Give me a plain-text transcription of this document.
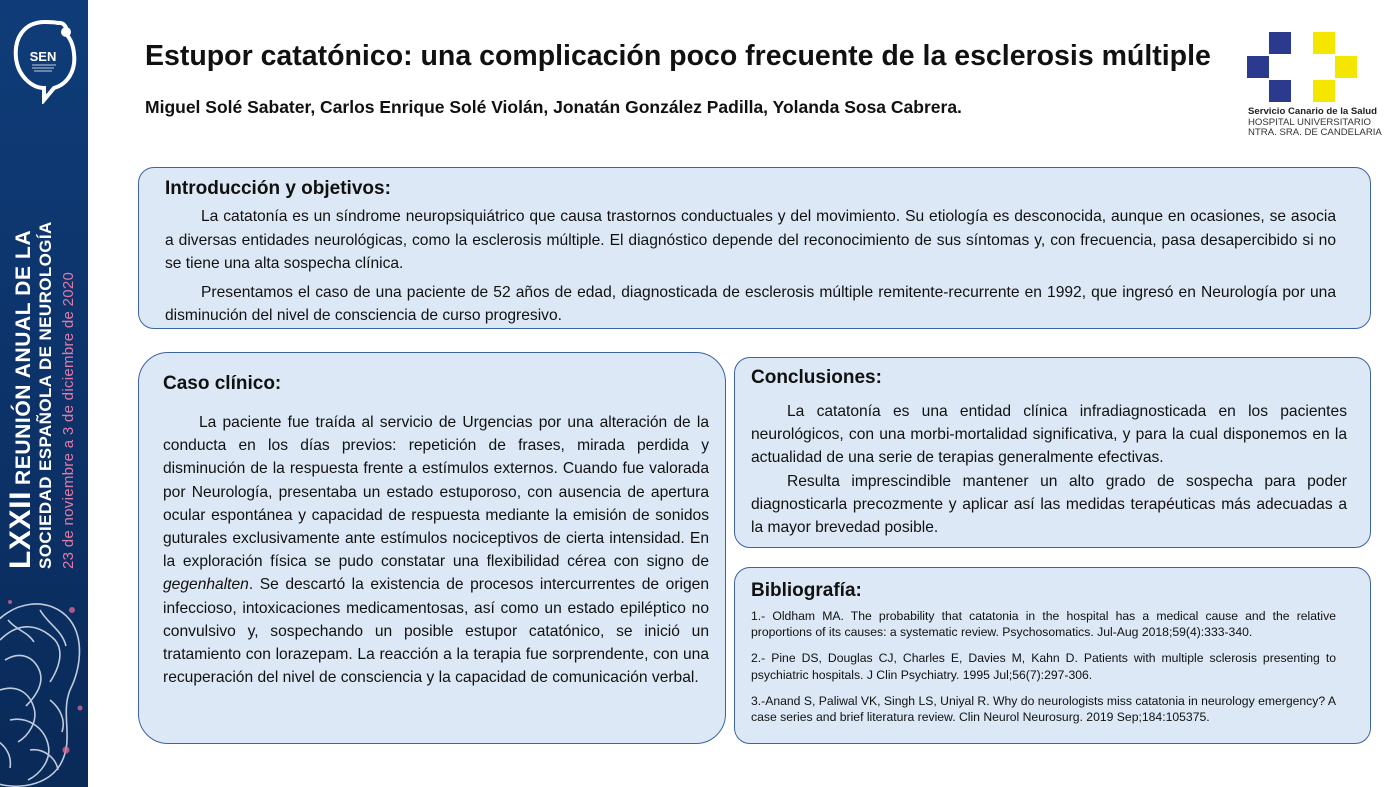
SEN
LXXIIREUNIÓN ANUAL DE LA SOCIEDAD ESPAÑOLA DE NEUROLOGÍA 23 de noviembre a 3 de diciembre de 2020
Estupor catatónico: una complicación poco frecuente de la esclerosis múltiple

Miguel Solé Sabater, Carlos Enrique Solé Violán, Jonatán González Padilla, Yolanda Sosa Cabrera.	Servicio Canario de la Salud
HOSPITAL UNIVERSITARIO
NTRA. SRA. DE CANDELARIA
Introducción y objetivos:

La catatonía es un síndrome neuropsiquiátrico que causa trastornos conductuales y del movimiento. Su etiología es desconocida, aunque en ocasiones, se asocia a diversas entidades neurológicas, como la esclerosis múltiple. El diagnóstico depende del reconocimiento de sus síntomas y, con frecuencia, pasa desapercibido si no se tiene una alta sospecha clínica.

Presentamos el caso de una paciente de 52 años de edad, diagnosticada de esclerosis múltiple remitente-recurrente en 1992, que ingresó en Neurología por una disminución del nivel de consciencia de curso progresivo.

Caso clínico:

La paciente fue traída al servicio de Urgencias por una alteración de la conducta en los días previos: repetición de frases, mirada perdida y disminución de la respuesta frente a estímulos externos. Cuando fue valorada por Neurología, presentaba un estado estuporoso, con ausencia de apertura ocular espontánea y capacidad de respuesta mediante la emisión de sonidos guturales exclusivamente ante estímulos nociceptivos de cierta intensidad. En la exploración física se pudo constatar una flexibilidad cérea con signo de gegenhalten. Se descartó la existencia de procesos intercurrentes de origen infeccioso, intoxicaciones medicamentosas, así como un estado epiléptico no convulsivo y, sospechando un posible estupor catatónico, se inició un tratamiento con lorazepam. La reacción a la terapia fue sorprendente, con una recuperación del nivel de consciencia y la capacidad de comunicación verbal.

Conclusiones:

La catatonía es una entidad clínica infradiagnosticada en los pacientes neurológicos, con una morbi-mortalidad significativa, y para la cual disponemos en la actualidad de una serie de terapias generalmente efectivas.

Resulta imprescindible mantener un alto grado de sospecha para poder diagnosticarla precozmente y aplicar así las medidas terapéuticas más adecuadas a la mayor brevedad posible.

Bibliografía:

1.- Oldham MA. The probability that catatonia in the hospital has a medical cause and the relative proportions of its causes: a systematic review. Psychosomatics. Jul-Aug 2018;59(4):333-340.

2.- Pine DS, Douglas CJ, Charles E, Davies M, Kahn D. Patients with multiple sclerosis presenting to psychiatric hospitals. J Clin Psychiatry. 1995 Jul;56(7):297-306.

3.-Anand S, Paliwal VK, Singh LS, Uniyal R. Why do neurologists miss catatonia in neurology emergency? A case series and brief literatura review. Clin Neurol Neurosurg. 2019 Sep;184:105375.
